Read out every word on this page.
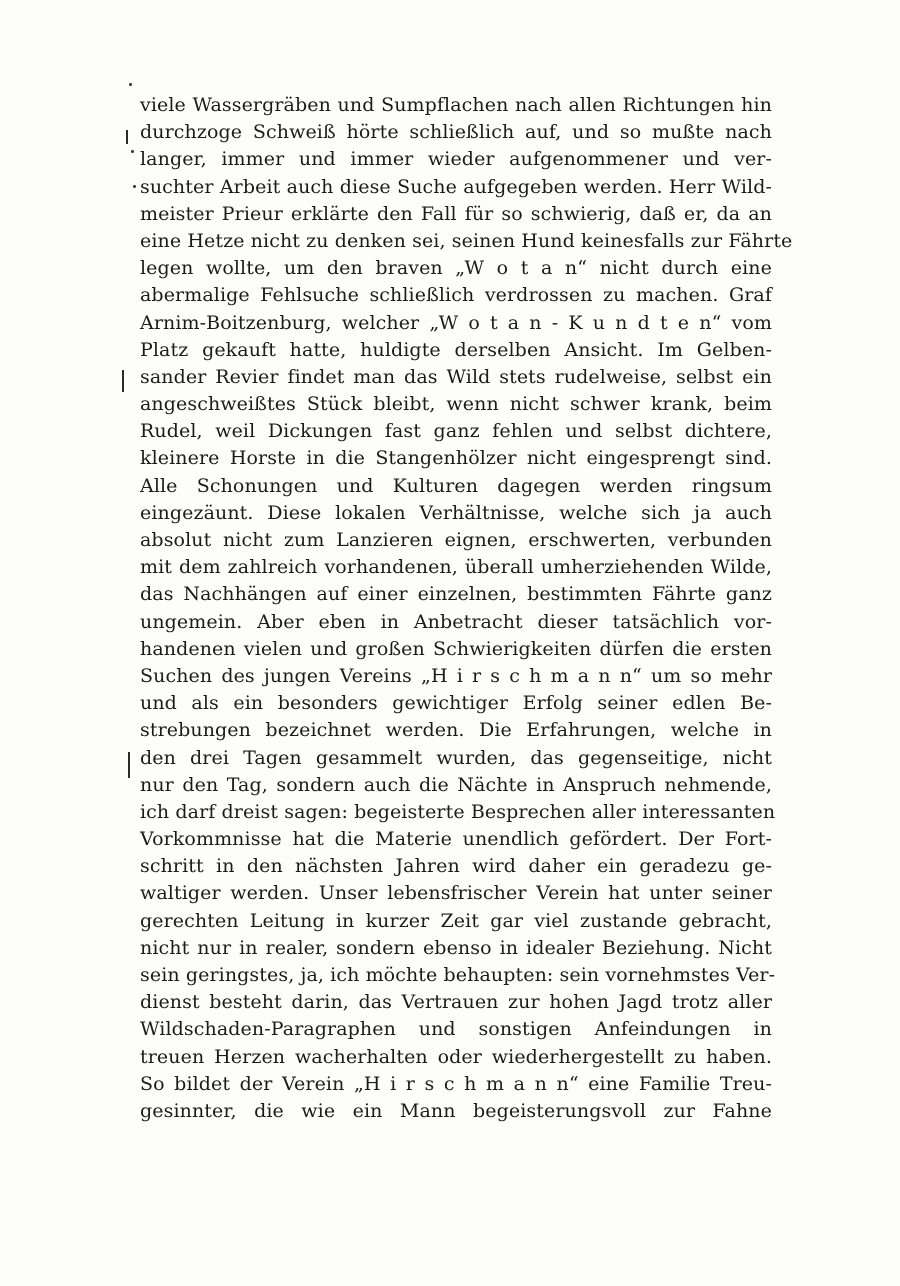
viele Wassergräben und Sumpflachen nach allen Richtungen hin
durchzoge Schweiß hörte schließlich auf, und so mußte nach
langer, immer und immer wieder aufgenommener und ver-
suchter Arbeit auch diese Suche aufgegeben werden. Herr Wild-
meister Prieur erklärte den Fall für so schwierig, daß er, da an
eine Hetze nicht zu denken sei, seinen Hund keinesfalls zur Fährte
legen wollte, um den braven „W o t a n“ nicht durch eine
abermalige Fehlsuche schließlich verdrossen zu machen. Graf
Arnim-Boitzenburg, welcher „W o t a n - K u n d t e n“ vom
Platz gekauft hatte, huldigte derselben Ansicht. Im Gelben-
sander Revier findet man das Wild stets rudelweise, selbst ein
angeschweißtes Stück bleibt, wenn nicht schwer krank, beim
Rudel, weil Dickungen fast ganz fehlen und selbst dichtere,
kleinere Horste in die Stangenhölzer nicht eingesprengt sind.
Alle Schonungen und Kulturen dagegen werden ringsum
eingezäunt. Diese lokalen Verhältnisse, welche sich ja auch
absolut nicht zum Lanzieren eignen, erschwerten, verbunden
mit dem zahlreich vorhandenen, überall umherziehenden Wilde,
das Nachhängen auf einer einzelnen, bestimmten Fährte ganz
ungemein. Aber eben in Anbetracht dieser tatsächlich vor-
handenen vielen und großen Schwierigkeiten dürfen die ersten
Suchen des jungen Vereins „H i r s c h m a n n“ um so mehr
und als ein besonders gewichtiger Erfolg seiner edlen Be-
strebungen bezeichnet werden. Die Erfahrungen, welche in
den drei Tagen gesammelt wurden, das gegenseitige, nicht
nur den Tag, sondern auch die Nächte in Anspruch nehmende,
ich darf dreist sagen: begeisterte Besprechen aller interessanten
Vorkommnisse hat die Materie unendlich gefördert. Der Fort-
schritt in den nächsten Jahren wird daher ein geradezu ge-
waltiger werden. Unser lebensfrischer Verein hat unter seiner
gerechten Leitung in kurzer Zeit gar viel zustande gebracht,
nicht nur in realer, sondern ebenso in idealer Beziehung. Nicht
sein geringstes, ja, ich möchte behaupten: sein vornehmstes Ver-
dienst besteht darin, das Vertrauen zur hohen Jagd trotz aller
Wildschaden-Paragraphen und sonstigen Anfeindungen in
treuen Herzen wacherhalten oder wiederhergestellt zu haben.
So bildet der Verein „H i r s c h m a n n“ eine Familie Treu-
gesinnter, die wie ein Mann begeisterungsvoll zur Fahne
